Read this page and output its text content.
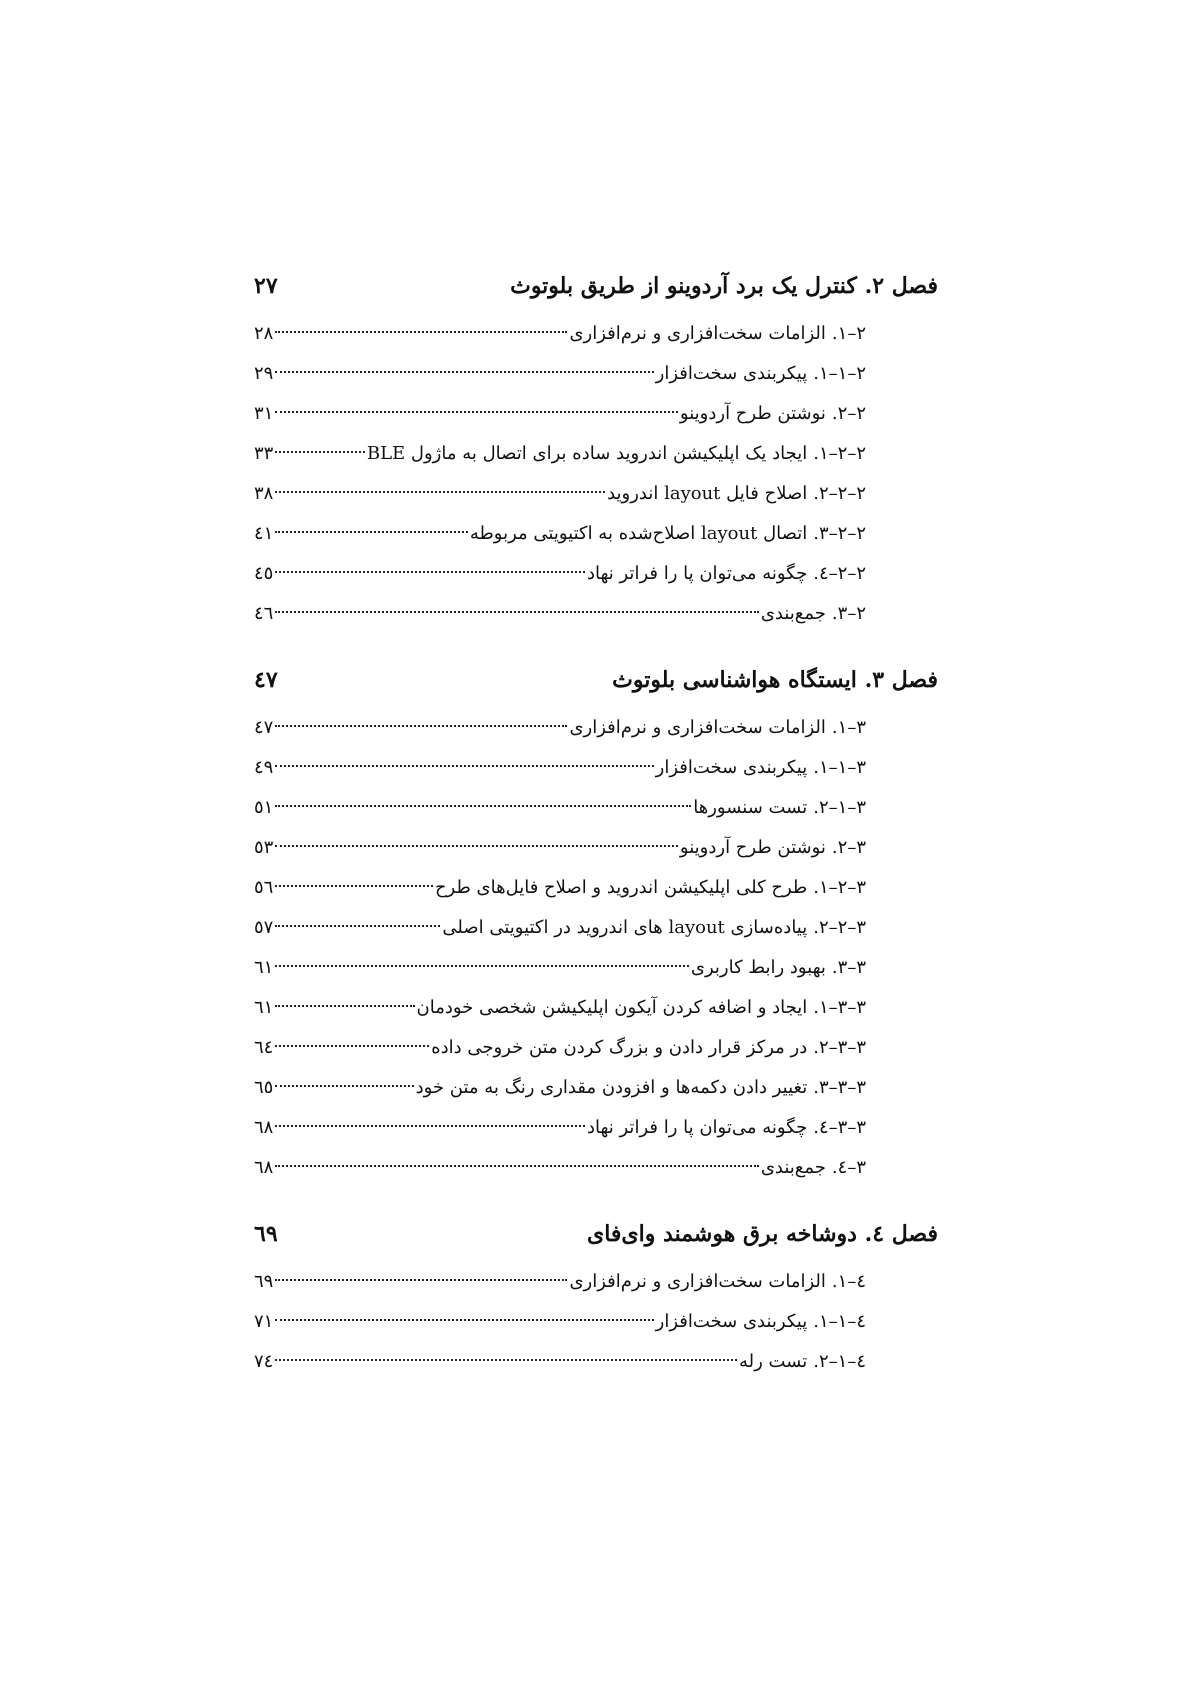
فصل ۲. کنترل یک برد آردوینو از طریق بلوتوث
۲۷
۲–۱.
الزامات سخت‌افزاری و نرم‌افزاری
۲۸
۲–۱–۱.
پیکربندی سخت‌افزار
۲۹
۲–۲.
نوشتن طرح آردوینو
۳۱
۲–۲–۱.
ایجاد یک اپلیکیشن اندروید ساده برای اتصال به ماژول BLE
۳۳
۲–۲–۲.
اصلاح فایل layout اندروید
۳۸
۲–۲–۳.
اتصال layout اصلاح‌شده به اکتیویتی مربوطه
٤۱
۲–۲–٤.
چگونه می‌توان پا را فراتر نهاد
٤٥
۲–۳.
جمع‌بندی
٤٦
فصل ۳. ایستگاه هواشناسی بلوتوث
٤۷
۳–۱.
الزامات سخت‌افزاری و نرم‌افزاری
٤۷
۳–۱–۱.
پیکربندی سخت‌افزار
٤۹
۳–۱–۲.
تست سنسورها
٥۱
۳–۲.
نوشتن طرح آردوینو
٥۳
۳–۲–۱.
طرح کلی اپلیکیشن اندروید و اصلاح فایل‌های طرح
٥٦
۳–۲–۲.
پیاده‌سازی layout های اندروید در اکتیویتی اصلی
٥۷
۳–۳.
بهبود رابط کاربری
٦۱
۳–۳–۱.
ایجاد و اضافه کردن آیکون اپلیکیشن شخصی خودمان
٦۱
۳–۳–۲.
در مرکز قرار دادن و بزرگ کردن متن خروجی داده
٦٤
۳–۳–۳.
تغییر دادن دکمه‌ها و افزودن مقداری رنگ به متن خود
٦٥
۳–۳–٤.
چگونه می‌توان پا را فراتر نهاد
٦۸
۳–٤.
جمع‌بندی
٦۸
فصل ٤. دوشاخه برق هوشمند وای‌فای
٦۹
٤–۱.
الزامات سخت‌افزاری و نرم‌افزاری
٦۹
٤–۱–۱.
پیکربندی سخت‌افزار
۷۱
٤–۱–۲.
تست رله
۷٤
